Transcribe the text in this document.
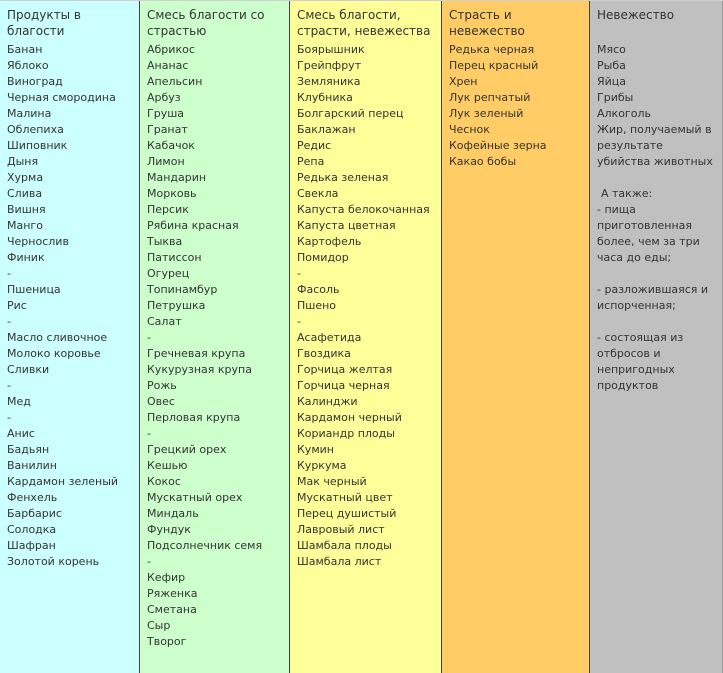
Продукты в благости
Банан
Яблоко
Виноград
Черная смородина
Малина
Облепиха
Шиповник
Дыня
Хурма
Слива
Вишня
Манго
Чернослив
Финик
-
Пшеница
Рис
-
Масло сливочное
Молоко коровье
Сливки
-
Мед
-
Анис
Бадьян
Ванилин
Кардамон зеленый
Фенхель
Барбарис
Солодка
Шафран
Золотой корень
Смесь благости со страстью
Абрикос
Ананас
Апельсин
Арбуз
Груша
Гранат
Кабачок
Лимон
Мандарин
Морковь
Персик
Рябина красная
Тыква
Патиссон
Огурец
Топинамбур
Петрушка
Салат
-
Гречневая крупа
Кукурузная крупа
Рожь
Овес
Перловая крупа
-
Грецкий орех
Кешью
Кокос
Мускатный орех
Миндаль
Фундук
Подсолнечник семя
-
Кефир
Ряженка
Сметана
Сыр
Творог
Смесь благости, страсти, невежества
Боярышник
Грейпфрут
Земляника
Клубника
Болгарский перец
Баклажан
Редис
Репа
Редька зеленая
Свекла
Капуста белокочанная
Капуста цветная
Картофель
Помидор
-
Фасоль
Пшено
-
Асафетида
Гвоздика
Горчица желтая
Горчица черная
Калинджи
Кардамон черный
Кориандр плоды
Кумин
Куркума
Мак черный
Мускатный цвет
Перец душистый
Лавровый лист
Шамбала плоды
Шамбала лист
Страсть и невежество
Редька черная
Перец красный
Хрен
Лук репчатый
Лук зеленый
Чеснок
Кофейные зерна
Какао бобы
Невежество
Мясо
Рыба
Яйца
Грибы
Алкоголь
Жир, получаемый в результате убийства животных
А также:
- пища приготовленная более, чем за три часа до еды;
- разложившаяся и испорченная;
- состоящая из отбросов и непригодных продуктов
